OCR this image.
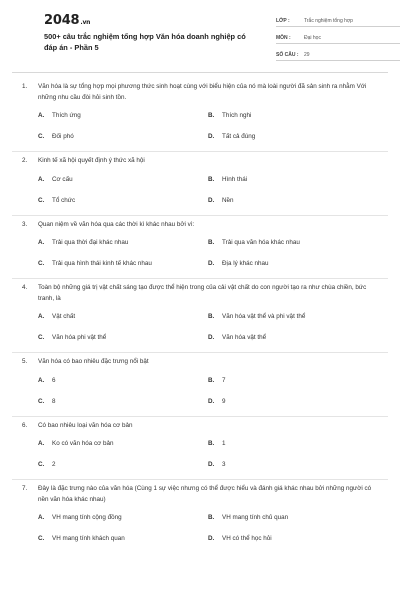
2048.vn
500+ câu trắc nghiệm tổng hợp Văn hóa doanh nghiệp có đáp án - Phần 5
LỚP :	Trắc nghiệm tổng hợp
MÔN :	Đại học
SỐ CÂU :	29
1.	Văn hóa là sự tổng hợp mọi phương thức sinh hoạt cùng với biểu hiện của nó mà loài người đã sản sinh ra nhằm Với những nhu cầu đòi hỏi sinh tồn.
A.	Thích ứng	B.	Thích nghi
C.	Đối phó	D.	Tất cả đúng
2.	Kinh tế xã hội quyết định ý thức xã hội
A.	Cơ cấu	B.	Hình thái
C.	Tổ chức	D.	Nền
3.	Quan niệm về văn hóa qua các thời kì khác nhau bởi vì:
A.	Trải qua thời đại khác nhau	B.	Trải qua văn hóa khác nhau
C.	Trải qua hình thái kinh tế khác nhau	D.	Địa lý khác nhau
4.	Toàn bộ những giá trị vật chất sáng tạo được thể hiện trong của cải vật chất do con người tạo ra như chùa chiền, bức tranh, là
A.	Vật chất	B.	Văn hóa vật thể và phi vật thể
C.	Văn hóa phi vật thể	D.	Văn hóa vật thể
5.	Văn hóa có bao nhiêu đặc trưng nổi bật
A.	6	B.	7
C.	8	D.	9
6.	Có bao nhiêu loại văn hóa cơ bản
A.	Ko có văn hóa cơ bản	B.	1
C.	2	D.	3
7.	Đây là đặc trưng nào của văn hóa (Cùng 1 sự việc nhưng có thể được hiểu và đánh giá khác nhau bởi những người có nền văn hóa khác nhau)
A.	VH mang tính cộng đồng	B.	VH mang tính chủ quan
C.	VH mang tính khách quan	D.	VH có thể học hỏi
